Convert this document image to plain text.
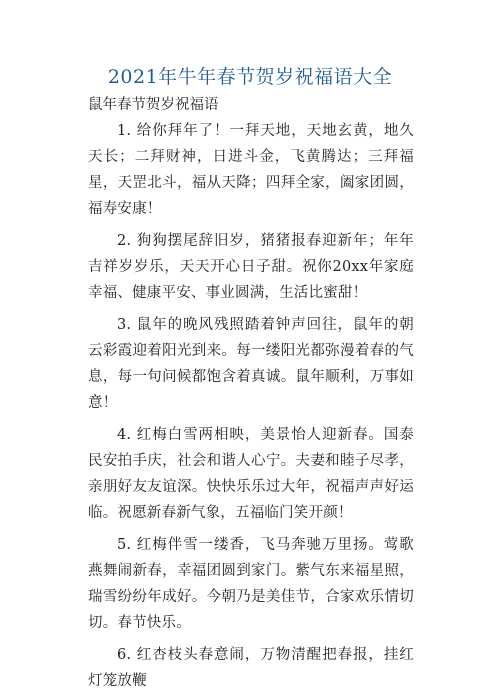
2021年牛年春节贺岁祝福语大全

鼠年春节贺岁祝福语

1. 给你拜年了！一拜天地，天地玄黄，地久天长；二拜财神，日进斗金，飞黄腾达；三拜福星，天罡北斗，福从天降；四拜全家，阖家团圆，福寿安康！

2. 狗狗摆尾辞旧岁，猪猪报春迎新年；年年吉祥岁岁乐，天天开心日子甜。祝你20xx年家庭幸福、健康平安、事业圆满，生活比蜜甜！

3. 鼠年的晚风残照踏着钟声回往，鼠年的朝云彩霞迎着阳光到来。每一缕阳光都弥漫着春的气息，每一句问候都饱含着真诚。鼠年顺利，万事如意！

4. 红梅白雪两相映，美景怡人迎新春。国泰民安拍手庆，社会和谐人心宁。夫妻和睦子尽孝，亲朋好友友谊深。快快乐乐过大年，祝福声声好运临。祝愿新春新气象，五福临门笑开颜！

5. 红梅伴雪一缕香，飞马奔驰万里扬。莺歌燕舞闹新春，幸福团圆到家门。紫气东来福星照，瑞雪纷纷年成好。今朝乃是美佳节，合家欢乐情切切。春节快乐。

6. 红杏枝头春意闹，万物清醒把春报，挂红灯笼放鞭
